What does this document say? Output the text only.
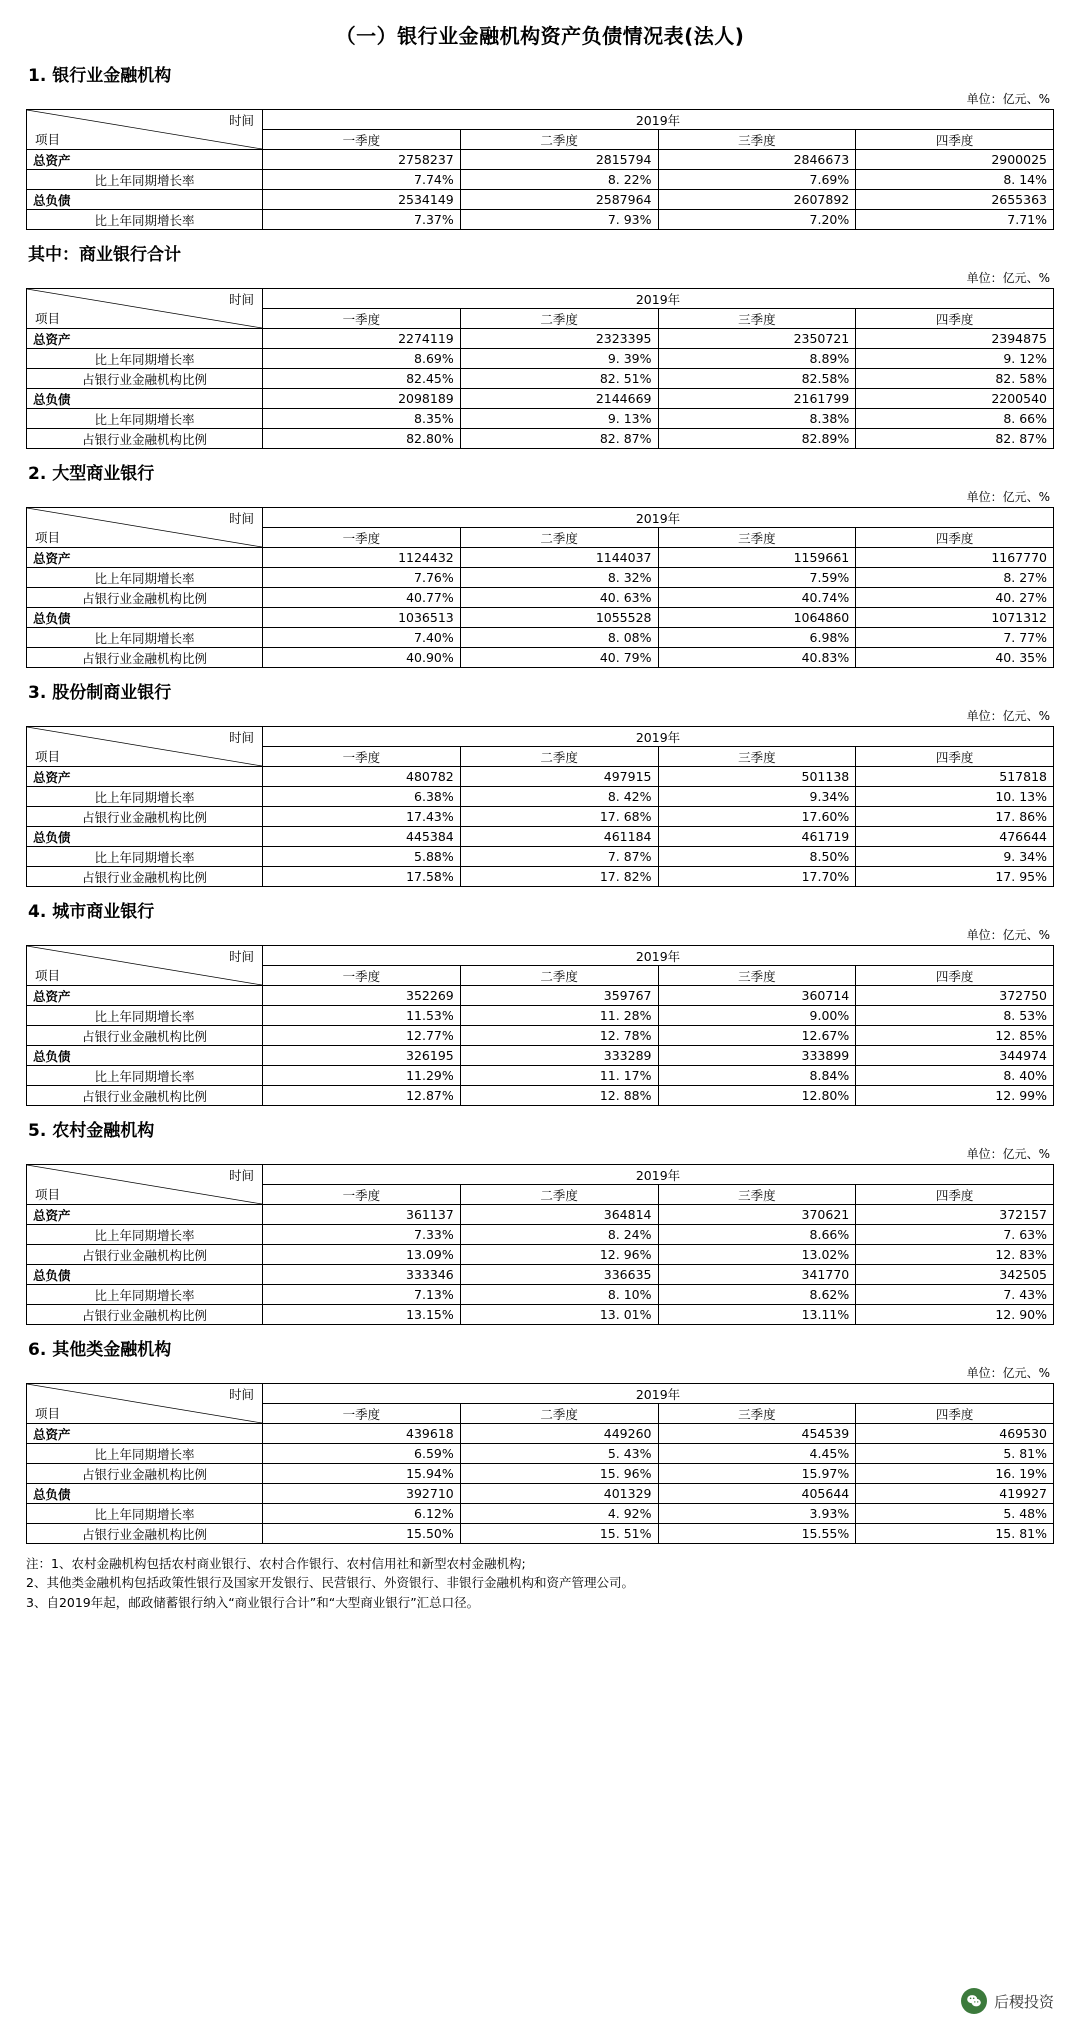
（一）银行业金融机构资产负债情况表(法人)
1. 银行业金融机构
单位：亿元、%
时间
项目	2019年			
	一季度	二季度	三季度	四季度
总资产	2758237	2815794	2846673	2900025
比上年同期增长率	7.74%	8. 22%	7.69%	8. 14%
总负债	2534149	2587964	2607892	2655363
比上年同期增长率	7.37%	7. 93%	7.20%	7.71%
其中：商业银行合计
单位：亿元、%
时间
项目	2019年			
	一季度	二季度	三季度	四季度
总资产	2274119	2323395	2350721	2394875
比上年同期增长率	8.69%	9. 39%	8.89%	9. 12%
占银行业金融机构比例	82.45%	82. 51%	82.58%	82. 58%
总负债	2098189	2144669	2161799	2200540
比上年同期增长率	8.35%	9. 13%	8.38%	8. 66%
占银行业金融机构比例	82.80%	82. 87%	82.89%	82. 87%
2. 大型商业银行
单位：亿元、%
时间
项目	2019年			
	一季度	二季度	三季度	四季度
总资产	1124432	1144037	1159661	1167770
比上年同期增长率	7.76%	8. 32%	7.59%	8. 27%
占银行业金融机构比例	40.77%	40. 63%	40.74%	40. 27%
总负债	1036513	1055528	1064860	1071312
比上年同期增长率	7.40%	8. 08%	6.98%	7. 77%
占银行业金融机构比例	40.90%	40. 79%	40.83%	40. 35%
3. 股份制商业银行
单位：亿元、%
时间
项目	2019年			
	一季度	二季度	三季度	四季度
总资产	480782	497915	501138	517818
比上年同期增长率	6.38%	8. 42%	9.34%	10. 13%
占银行业金融机构比例	17.43%	17. 68%	17.60%	17. 86%
总负债	445384	461184	461719	476644
比上年同期增长率	5.88%	7. 87%	8.50%	9. 34%
占银行业金融机构比例	17.58%	17. 82%	17.70%	17. 95%
4. 城市商业银行
单位：亿元、%
时间
项目	2019年			
	一季度	二季度	三季度	四季度
总资产	352269	359767	360714	372750
比上年同期增长率	11.53%	11. 28%	9.00%	8. 53%
占银行业金融机构比例	12.77%	12. 78%	12.67%	12. 85%
总负债	326195	333289	333899	344974
比上年同期增长率	11.29%	11. 17%	8.84%	8. 40%
占银行业金融机构比例	12.87%	12. 88%	12.80%	12. 99%
5. 农村金融机构
单位：亿元、%
时间
项目	2019年			
	一季度	二季度	三季度	四季度
总资产	361137	364814	370621	372157
比上年同期增长率	7.33%	8. 24%	8.66%	7. 63%
占银行业金融机构比例	13.09%	12. 96%	13.02%	12. 83%
总负债	333346	336635	341770	342505
比上年同期增长率	7.13%	8. 10%	8.62%	7. 43%
占银行业金融机构比例	13.15%	13. 01%	13.11%	12. 90%
6. 其他类金融机构
单位：亿元、%
时间
项目	2019年			
	一季度	二季度	三季度	四季度
总资产	439618	449260	454539	469530
比上年同期增长率	6.59%	5. 43%	4.45%	5. 81%
占银行业金融机构比例	15.94%	15. 96%	15.97%	16. 19%
总负债	392710	401329	405644	419927
比上年同期增长率	6.12%	4. 92%	3.93%	5. 48%
占银行业金融机构比例	15.50%	15. 51%	15.55%	15. 81%
注：1、农村金融机构包括农村商业银行、农村合作银行、农村信用社和新型农村金融机构;
2、其他类金融机构包括政策性银行及国家开发银行、民营银行、外资银行、非银行金融机构和资产管理公司。
3、自2019年起，邮政储蓄银行纳入“商业银行合计”和“大型商业银行”汇总口径。
后稷投资
